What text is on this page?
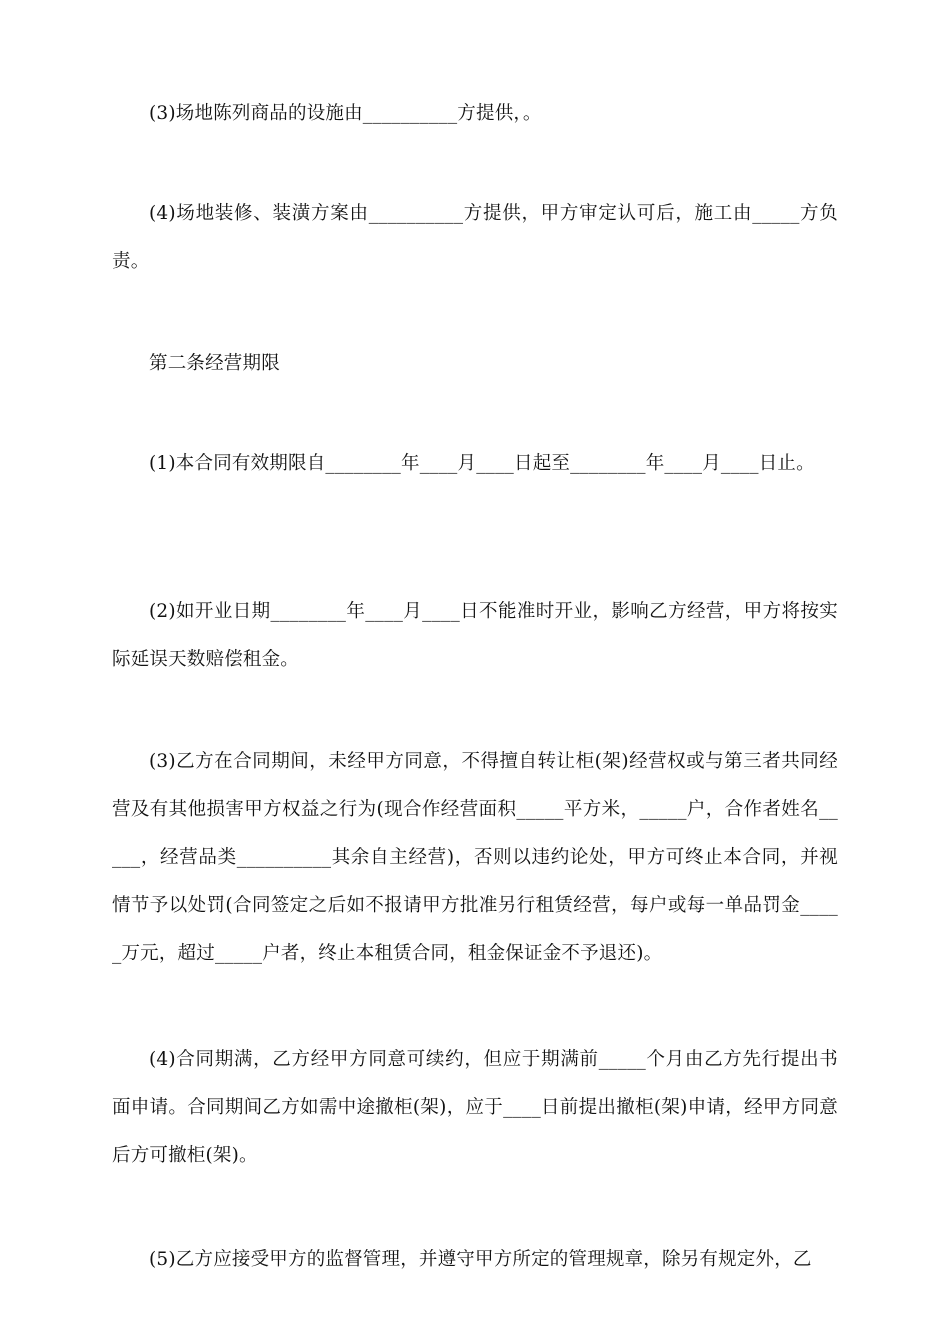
(3)场地陈列商品的设施由__________方提供，。

(4)场地装修、装潢方案由__________方提供，甲方审定认可后，施工由_____方负责。

第二条经营期限

(1)本合同有效期限自________年____月____日起至________年____月____日止。

(2)如开业日期________年____月____日不能准时开业，影响乙方经营，甲方将按实际延误天数赔偿租金。

(3)乙方在合同期间，未经甲方同意，不得擅自转让柜(架)经营权或与第三者共同经营及有其他损害甲方权益之行为(现合作经营面积_____平方米，_____户，合作者姓名_____，经营品类__________其余自主经营)，否则以违约论处，甲方可终止本合同，并视情节予以处罚(合同签定之后如不报请甲方批准另行租赁经营，每户或每一单品罚金_____万元，超过_____户者，终止本租赁合同，租金保证金不予退还)。

(4)合同期满，乙方经甲方同意可续约，但应于期满前_____个月由乙方先行提出书面申请。合同期间乙方如需中途撤柜(架)，应于____日前提出撤柜(架)申请，经甲方同意后方可撤柜(架)。

(5)乙方应接受甲方的监督管理，并遵守甲方所定的管理规章，除另有规定外，乙
